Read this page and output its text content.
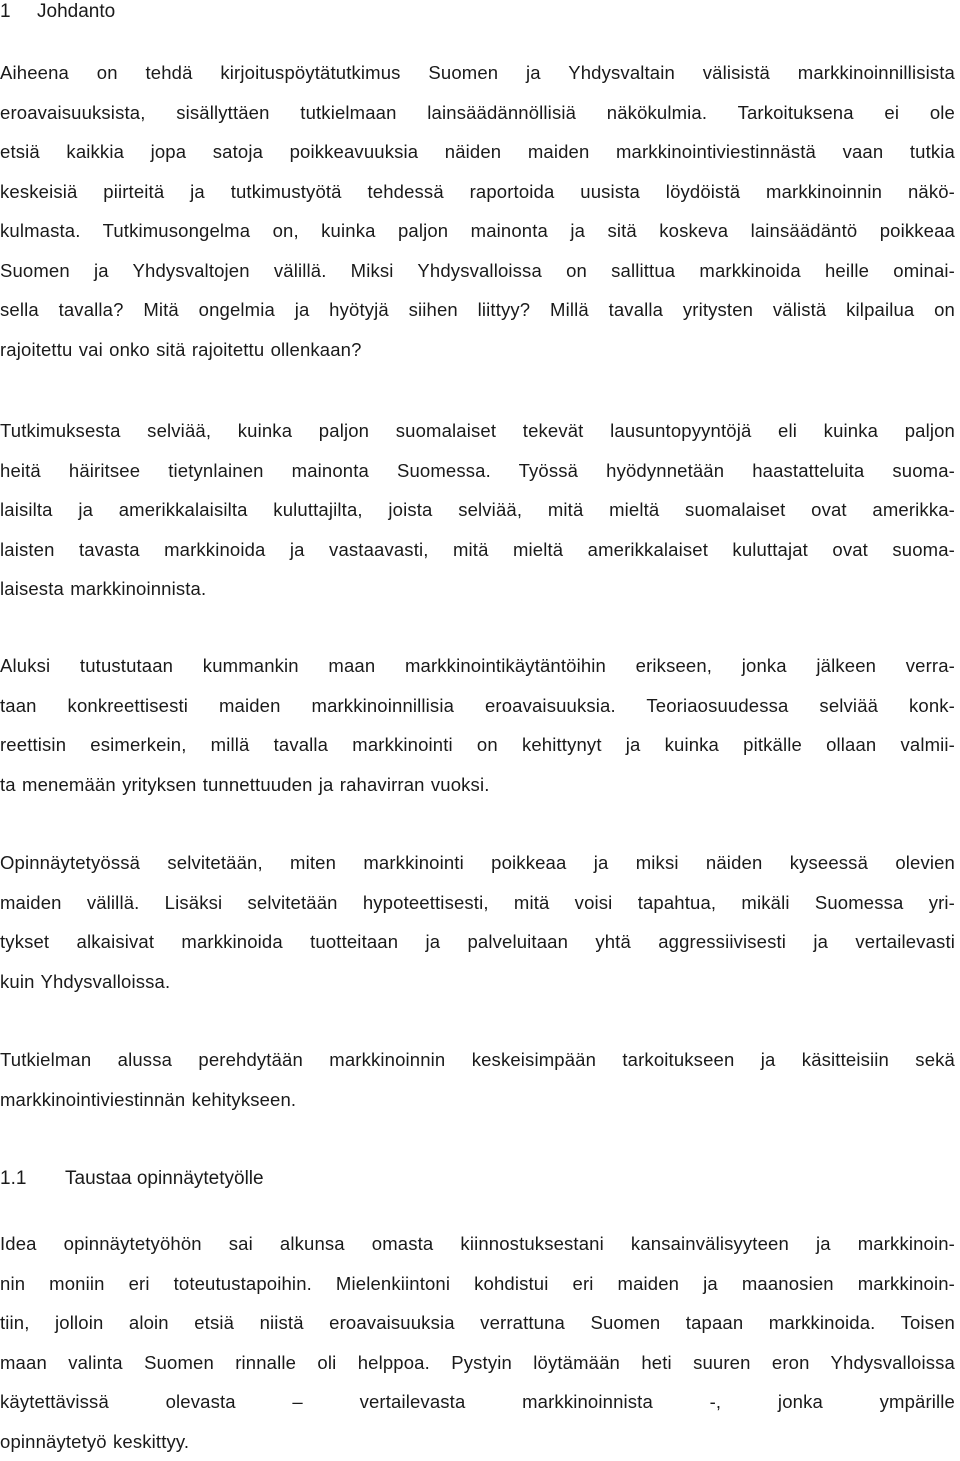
1 Johdanto

Aiheena on tehdä kirjoituspöytätutkimus Suomen ja Yhdysvaltain välisistä markkinoinnillisista
eroavaisuuksista, sisällyttäen tutkielmaan lainsäädännöllisiä näkökulmia. Tarkoituksena ei ole
etsiä kaikkia jopa satoja poikkeavuuksia näiden maiden markkinointiviestinnästä vaan tutkia
keskeisiä piirteitä ja tutkimustyötä tehdessä raportoida uusista löydöistä markkinoinnin näkö-
kulmasta. Tutkimusongelma on, kuinka paljon mainonta ja sitä koskeva lainsäädäntö poikkeaa
Suomen ja Yhdysvaltojen välillä. Miksi Yhdysvalloissa on sallittua markkinoida heille ominai-
sella tavalla? Mitä ongelmia ja hyötyjä siihen liittyy? Millä tavalla yritysten välistä kilpailua on
rajoitettu vai onko sitä rajoitettu ollenkaan?

Tutkimuksesta selviää, kuinka paljon suomalaiset tekevät lausuntopyyntöjä eli kuinka paljon
heitä häiritsee tietynlainen mainonta Suomessa. Työssä hyödynnetään haastatteluita suoma-
laisilta ja amerikkalaisilta kuluttajilta, joista selviää, mitä mieltä suomalaiset ovat amerikka-
laisten tavasta markkinoida ja vastaavasti, mitä mieltä amerikkalaiset kuluttajat ovat suoma-
laisesta markkinoinnista.

Aluksi tutustutaan kummankin maan markkinointikäytäntöihin erikseen, jonka jälkeen verra-
taan konkreettisesti maiden markkinoinnillisia eroavaisuuksia. Teoriaosuudessa selviää konk-
reettisin esimerkein, millä tavalla markkinointi on kehittynyt ja kuinka pitkälle ollaan valmii-
ta menemään yrityksen tunnettuuden ja rahavirran vuoksi.

Opinnäytetyössä selvitetään, miten markkinointi poikkeaa ja miksi näiden kyseessä olevien
maiden välillä. Lisäksi selvitetään hypoteettisesti, mitä voisi tapahtua, mikäli Suomessa yri-
tykset alkaisivat markkinoida tuotteitaan ja palveluitaan yhtä aggressiivisesti ja vertailevasti
kuin Yhdysvalloissa.

Tutkielman alussa perehdytään markkinoinnin keskeisimpään tarkoitukseen ja käsitteisiin sekä
markkinointiviestinnän kehitykseen.

1.1 Taustaa opinnäytetyölle

Idea opinnäytetyöhön sai alkunsa omasta kiinnostuksestani kansainvälisyyteen ja markkinoin-
nin moniin eri toteutustapoihin. Mielenkiintoni kohdistui eri maiden ja maanosien markkinoin-
tiin, jolloin aloin etsiä niistä eroavaisuuksia verrattuna Suomen tapaan markkinoida. Toisen
maan valinta Suomen rinnalle oli helppoa. Pystyin löytämään heti suuren eron Yhdysvalloissa
käytettävissä olevasta – vertailevasta markkinoinnista -, jonka ympärille
opinnäytetyö keskittyy.
